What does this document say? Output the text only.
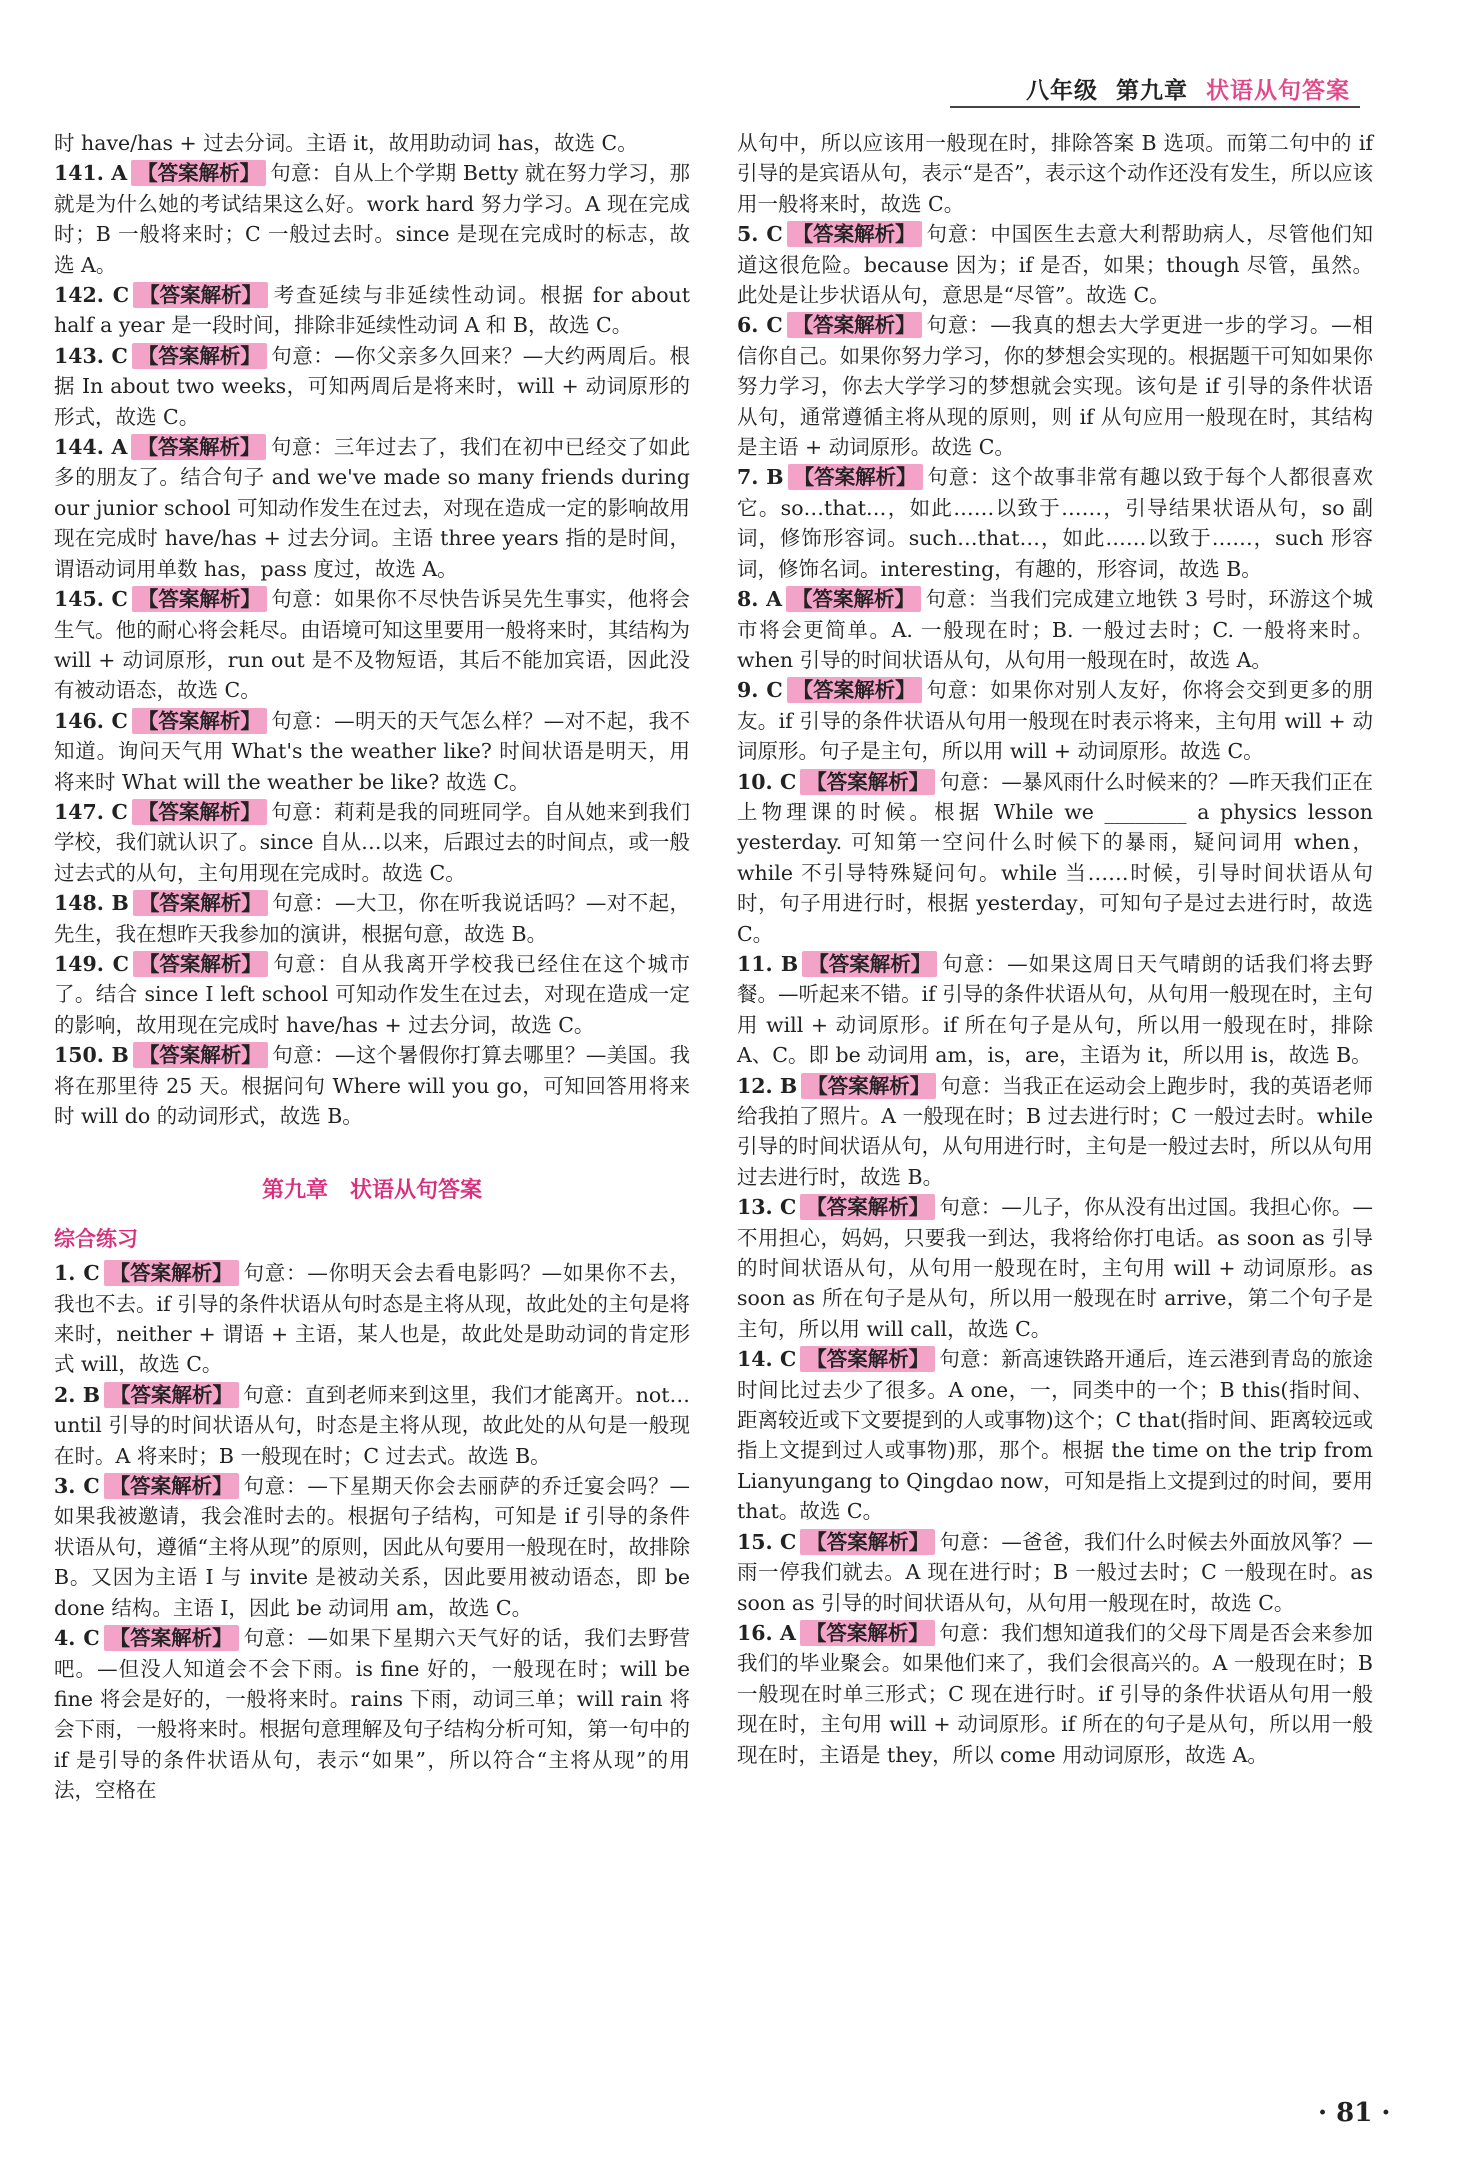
八年级 第九章 状语从句答案

时 have/has + 过去分词。主语 it，故用助动词 has，故选 C。

141. A 【答案解析】 句意：自从上个学期 Betty 就在努力学习，那就是为什么她的考试结果这么好。work hard 努力学习。A 现在完成时；B 一般将来时；C 一般过去时。since 是现在完成时的标志，故选 A。

142. C 【答案解析】 考查延续与非延续性动词。根据 for about half a year 是一段时间，排除非延续性动词 A 和 B，故选 C。

143. C 【答案解析】 句意：—你父亲多久回来？—大约两周后。根据 In about two weeks，可知两周后是将来时，will + 动词原形的形式，故选 C。

144. A 【答案解析】 句意：三年过去了，我们在初中已经交了如此多的朋友了。结合句子 and we've made so many friends during our junior school 可知动作发生在过去，对现在造成一定的影响故用现在完成时 have/has + 过去分词。主语 three years 指的是时间，谓语动词用单数 has，pass 度过，故选 A。

145. C 【答案解析】 句意：如果你不尽快告诉吴先生事实，他将会生气。他的耐心将会耗尽。由语境可知这里要用一般将来时，其结构为 will + 动词原形，run out 是不及物短语，其后不能加宾语，因此没有被动语态，故选 C。

146. C 【答案解析】 句意：—明天的天气怎么样？—对不起，我不知道。询问天气用 What's the weather like? 时间状语是明天，用将来时 What will the weather be like? 故选 C。

147. C 【答案解析】 句意：莉莉是我的同班同学。自从她来到我们学校，我们就认识了。since 自从…以来，后跟过去的时间点，或一般过去式的从句，主句用现在完成时。故选 C。

148. B 【答案解析】 句意：—大卫，你在听我说话吗？—对不起，先生，我在想昨天我参加的演讲，根据句意，故选 B。

149. C 【答案解析】 句意：自从我离开学校我已经住在这个城市了。结合 since I left school 可知动作发生在过去，对现在造成一定的影响，故用现在完成时 have/has + 过去分词，故选 C。

150. B 【答案解析】 句意：—这个暑假你打算去哪里？—美国。我将在那里待 25 天。根据问句 Where will you go，可知回答用将来时 will do 的动词形式，故选 B。

第九章　状语从句答案
综合练习

1. C 【答案解析】 句意：—你明天会去看电影吗？—如果你不去，我也不去。if 引导的条件状语从句时态是主将从现，故此处的主句是将来时，neither + 谓语 + 主语，某人也是，故此处是助动词的肯定形式 will，故选 C。

2. B 【答案解析】 句意：直到老师来到这里，我们才能离开。not…until 引导的时间状语从句，时态是主将从现，故此处的从句是一般现在时。A 将来时；B 一般现在时；C 过去式。故选 B。

3. C 【答案解析】 句意：—下星期天你会去丽萨的乔迁宴会吗？—如果我被邀请，我会准时去的。根据句子结构，可知是 if 引导的条件状语从句，遵循“主将从现”的原则，因此从句要用一般现在时，故排除 B。又因为主语 I 与 invite 是被动关系，因此要用被动语态，即 be done 结构。主语 I，因此 be 动词用 am，故选 C。

4. C 【答案解析】 句意：—如果下星期六天气好的话，我们去野营吧。—但没人知道会不会下雨。is fine 好的，一般现在时；will be fine 将会是好的，一般将来时。rains 下雨，动词三单；will rain 将会下雨，一般将来时。根据句意理解及句子结构分析可知，第一句中的 if 是引导的条件状语从句，表示“如果”，所以符合“主将从现”的用法，空格在

从句中，所以应该用一般现在时，排除答案 B 选项。而第二句中的 if 引导的是宾语从句，表示“是否”，表示这个动作还没有发生，所以应该用一般将来时，故选 C。

5. C 【答案解析】 句意：中国医生去意大利帮助病人，尽管他们知道这很危险。because 因为；if 是否，如果；though 尽管，虽然。此处是让步状语从句，意思是“尽管”。故选 C。

6. C 【答案解析】 句意：—我真的想去大学更进一步的学习。—相信你自己。如果你努力学习，你的梦想会实现的。根据题干可知如果你努力学习，你去大学学习的梦想就会实现。该句是 if 引导的条件状语从句，通常遵循主将从现的原则，则 if 从句应用一般现在时，其结构是主语 + 动词原形。故选 C。

7. B 【答案解析】 句意：这个故事非常有趣以致于每个人都很喜欢它。so…that…，如此……以致于……，引导结果状语从句，so 副词，修饰形容词。such…that…，如此……以致于……，such 形容词，修饰名词。interesting，有趣的，形容词，故选 B。

8. A 【答案解析】 句意：当我们完成建立地铁 3 号时，环游这个城市将会更简单。A. 一般现在时；B. 一般过去时；C. 一般将来时。when 引导的时间状语从句，从句用一般现在时，故选 A。

9. C 【答案解析】 句意：如果你对别人友好，你将会交到更多的朋友。if 引导的条件状语从句用一般现在时表示将来，主句用 will + 动词原形。句子是主句，所以用 will + 动词原形。故选 C。

10. C 【答案解析】 句意：—暴风雨什么时候来的？—昨天我们正在上物理课的时候。根据 While we ________ a physics lesson yesterday. 可知第一空问什么时候下的暴雨，疑问词用 when，while 不引导特殊疑问句。while 当……时候，引导时间状语从句时，句子用进行时，根据 yesterday，可知句子是过去进行时，故选 C。

11. B 【答案解析】 句意：—如果这周日天气晴朗的话我们将去野餐。—听起来不错。if 引导的条件状语从句，从句用一般现在时，主句用 will + 动词原形。if 所在句子是从句，所以用一般现在时，排除 A、C。即 be 动词用 am，is，are，主语为 it，所以用 is，故选 B。

12. B 【答案解析】 句意：当我正在运动会上跑步时，我的英语老师给我拍了照片。A 一般现在时；B 过去进行时；C 一般过去时。while 引导的时间状语从句，从句用进行时，主句是一般过去时，所以从句用过去进行时，故选 B。

13. C 【答案解析】 句意：—儿子，你从没有出过国。我担心你。—不用担心，妈妈，只要我一到达，我将给你打电话。as soon as 引导的时间状语从句，从句用一般现在时，主句用 will + 动词原形。as soon as 所在句子是从句，所以用一般现在时 arrive，第二个句子是主句，所以用 will call，故选 C。

14. C 【答案解析】 句意：新高速铁路开通后，连云港到青岛的旅途时间比过去少了很多。A one，一，同类中的一个；B this(指时间、距离较近或下文要提到的人或事物)这个；C that(指时间、距离较远或指上文提到过人或事物)那，那个。根据 the time on the trip from Lianyungang to Qingdao now，可知是指上文提到过的时间，要用 that。故选 C。

15. C 【答案解析】 句意：—爸爸，我们什么时候去外面放风筝？—雨一停我们就去。A 现在进行时；B 一般过去时；C 一般现在时。as soon as 引导的时间状语从句，从句用一般现在时，故选 C。

16. A 【答案解析】 句意：我们想知道我们的父母下周是否会来参加我们的毕业聚会。如果他们来了，我们会很高兴的。A 一般现在时；B 一般现在时单三形式；C 现在进行时。if 引导的条件状语从句用一般现在时，主句用 will + 动词原形。if 所在的句子是从句，所以用一般现在时，主语是 they，所以 come 用动词原形，故选 A。

· 81 ·
